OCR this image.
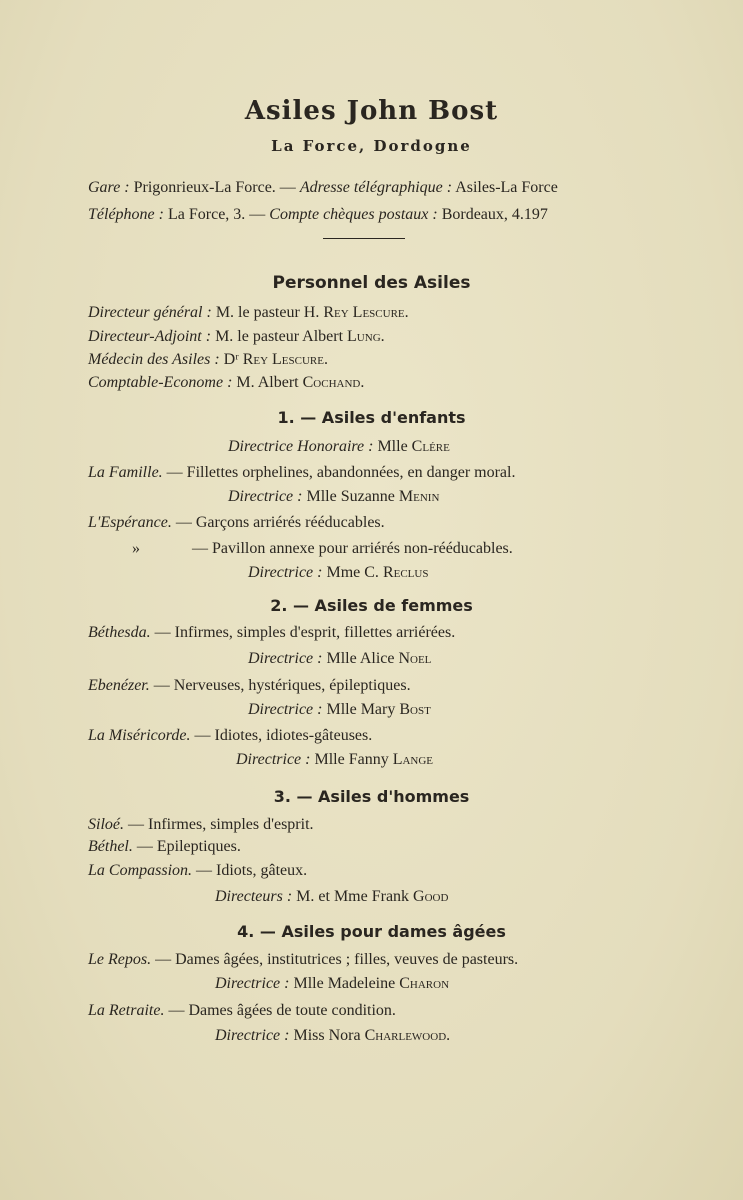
Asiles John Bost
La Force, Dordogne
Gare : Prigonrieux-La Force. — Adresse télégraphique : Asiles-La Force
Téléphone : La Force, 3. — Compte chèques postaux : Bordeaux, 4.197
Personnel des Asiles
Directeur général : M. le pasteur H. Rey Lescure.
Directeur-Adjoint : M. le pasteur Albert Lung.
Médecin des Asiles : Dʳ Rey Lescure.
Comptable-Econome : M. Albert Cochand.
1. — Asiles d'enfants
Directrice Honoraire : Mlle Clére
La Famille. — Fillettes orphelines, abandonnées, en danger moral.
Directrice : Mlle Suzanne Menin
L'Espérance. — Garçons arriérés rééducables.
»	— Pavillon annexe pour arriérés non-rééducables.
Directrice : Mme C. Reclus
2. — Asiles de femmes
Béthesda. — Infirmes, simples d'esprit, fillettes arriérées.
Directrice : Mlle Alice Noel
Ebenézer. — Nerveuses, hystériques, épileptiques.
Directrice : Mlle Mary Bost
La Miséricorde. — Idiotes, idiotes-gâteuses.
Directrice : Mlle Fanny Lange
3. — Asiles d'hommes
Siloé. — Infirmes, simples d'esprit.
Béthel. — Epileptiques.
La Compassion. — Idiots, gâteux.
Directeurs : M. et Mme Frank Good
4. — Asiles pour dames âgées
Le Repos. — Dames âgées, institutrices ; filles, veuves de pasteurs.
Directrice : Mlle Madeleine Charon
La Retraite. — Dames âgées de toute condition.
Directrice : Miss Nora Charlewood.
